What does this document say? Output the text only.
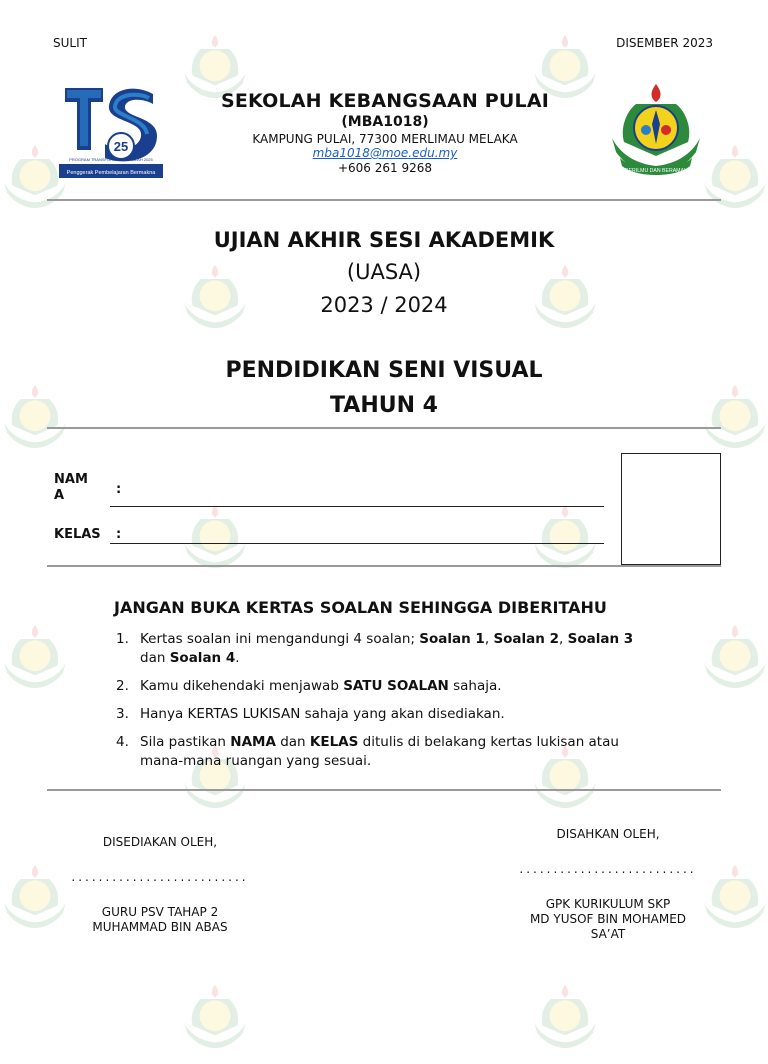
SULIT	DISEMBER 2023
25
Penggerak Pembelajaran Bermakna
PROGRAM TRANSFORMASI SEKOLAH 2025
SEKOLAH KEBANGSAAN PULAI
(MBA1018)
KAMPUNG PULAI, 77300 MERLIMAU MELAKA
mba1018@moe.edu.my
+606 261 9268	BERILMU DAN BERAMAL
UJIAN AKHIR SESI AKADEMIK
(UASA)
2023 / 2024
PENDIDIKAN SENI VISUAL
TAHUN 4
NAM
A	:
KELAS :
JANGAN BUKA KERTAS SOALAN SEHINGGA DIBERITAHU
1. Kertas soalan ini mengandungi 4 soalan; Soalan 1, Soalan 2, Soalan 3 dan Soalan 4.
2. Kamu dikehendaki menjawab SATU SOALAN sahaja.
3. Hanya KERTAS LUKISAN sahaja yang akan disediakan.
4. Sila pastikan NAMA dan KELAS ditulis di belakang kertas lukisan atau mana-mana ruangan yang sesuai.
DISEDIAKAN OLEH,
..........................
GURU PSV TAHAP 2
MUHAMMAD BIN ABAS
DISAHKAN OLEH,
..........................
GPK KURIKULUM SKP
MD YUSOF BIN MOHAMED
SA’AT
